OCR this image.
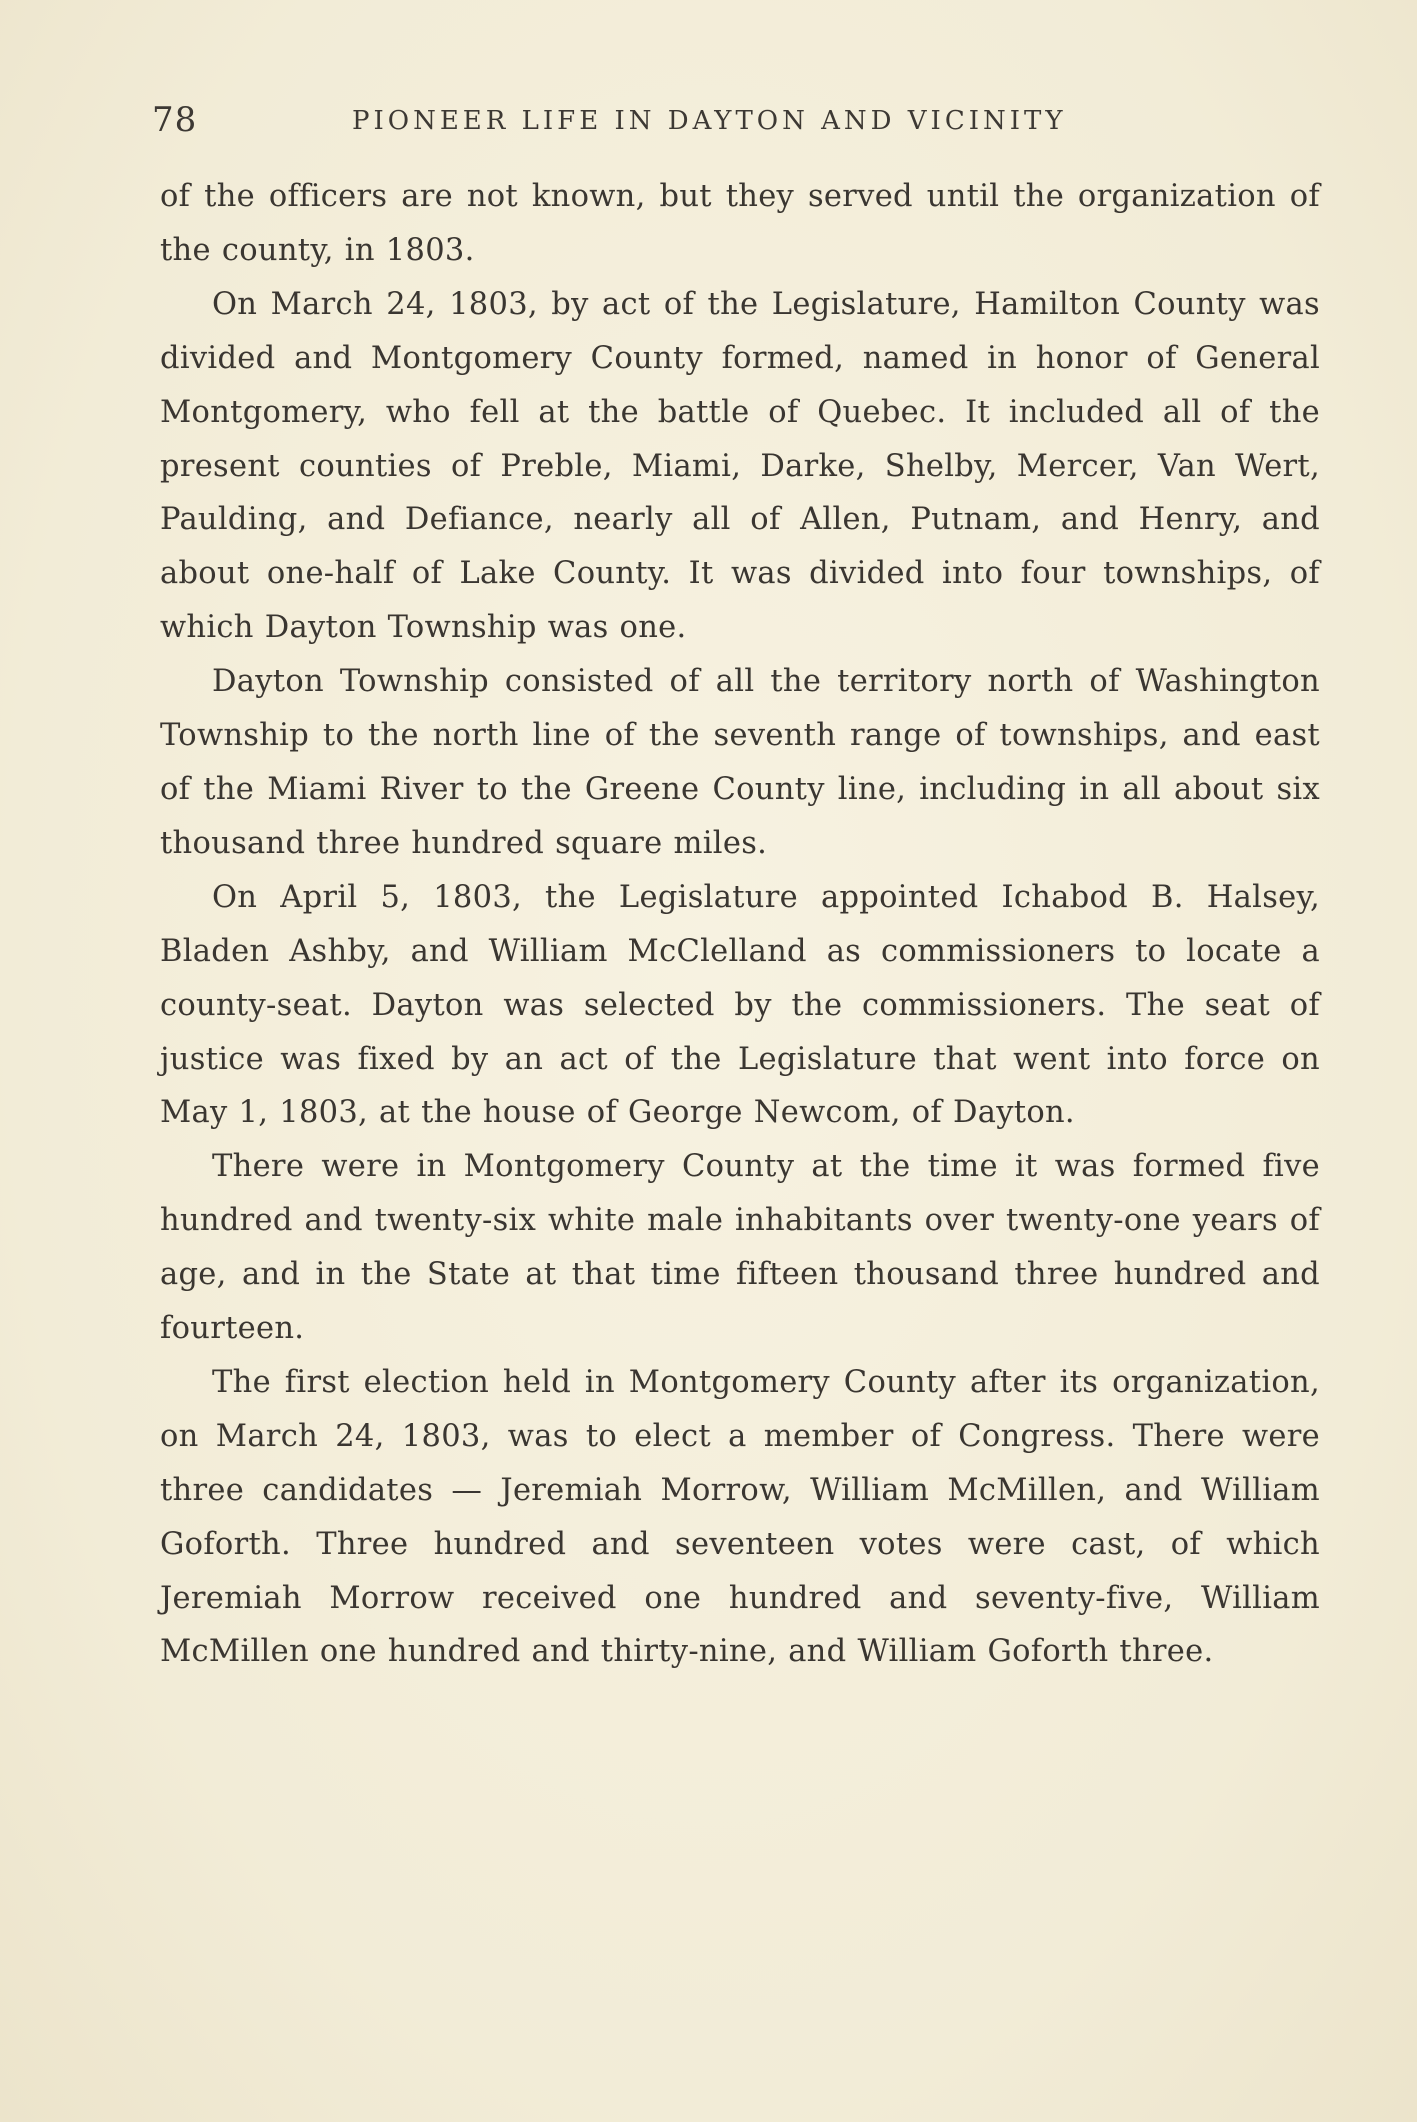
78	PIONEER LIFE IN DAYTON AND VICINITY

of the officers are not known, but they served until the organization of the county, in 1803.

On March 24, 1803, by act of the Legislature, Hamilton County was divided and Montgomery County formed, named in honor of General Montgomery, who fell at the battle of Quebec. It included all of the present counties of Preble, Miami, Darke, Shelby, Mercer, Van Wert, Paulding, and Defiance, nearly all of Allen, Putnam, and Henry, and about one-half of Lake County. It was divided into four townships, of which Dayton Township was one.

Dayton Township consisted of all the territory north of Washington Township to the north line of the seventh range of townships, and east of the Miami River to the Greene County line, including in all about six thousand three hundred square miles.

On April 5, 1803, the Legislature appointed Ichabod B. Halsey, Bladen Ashby, and William McClelland as commissioners to locate a county-seat. Dayton was selected by the commissioners. The seat of justice was fixed by an act of the Legislature that went into force on May 1, 1803, at the house of George Newcom, of Dayton.

There were in Montgomery County at the time it was formed five hundred and twenty-six white male inhabitants over twenty-one years of age, and in the State at that time fifteen thousand three hundred and fourteen.

The first election held in Montgomery County after its organization, on March 24, 1803, was to elect a member of Congress. There were three candidates — Jeremiah Morrow, William McMillen, and William Goforth. Three hundred and seventeen votes were cast, of which Jeremiah Morrow received one hundred and seventy-five, William McMillen one hundred and thirty-nine, and William Goforth three.
